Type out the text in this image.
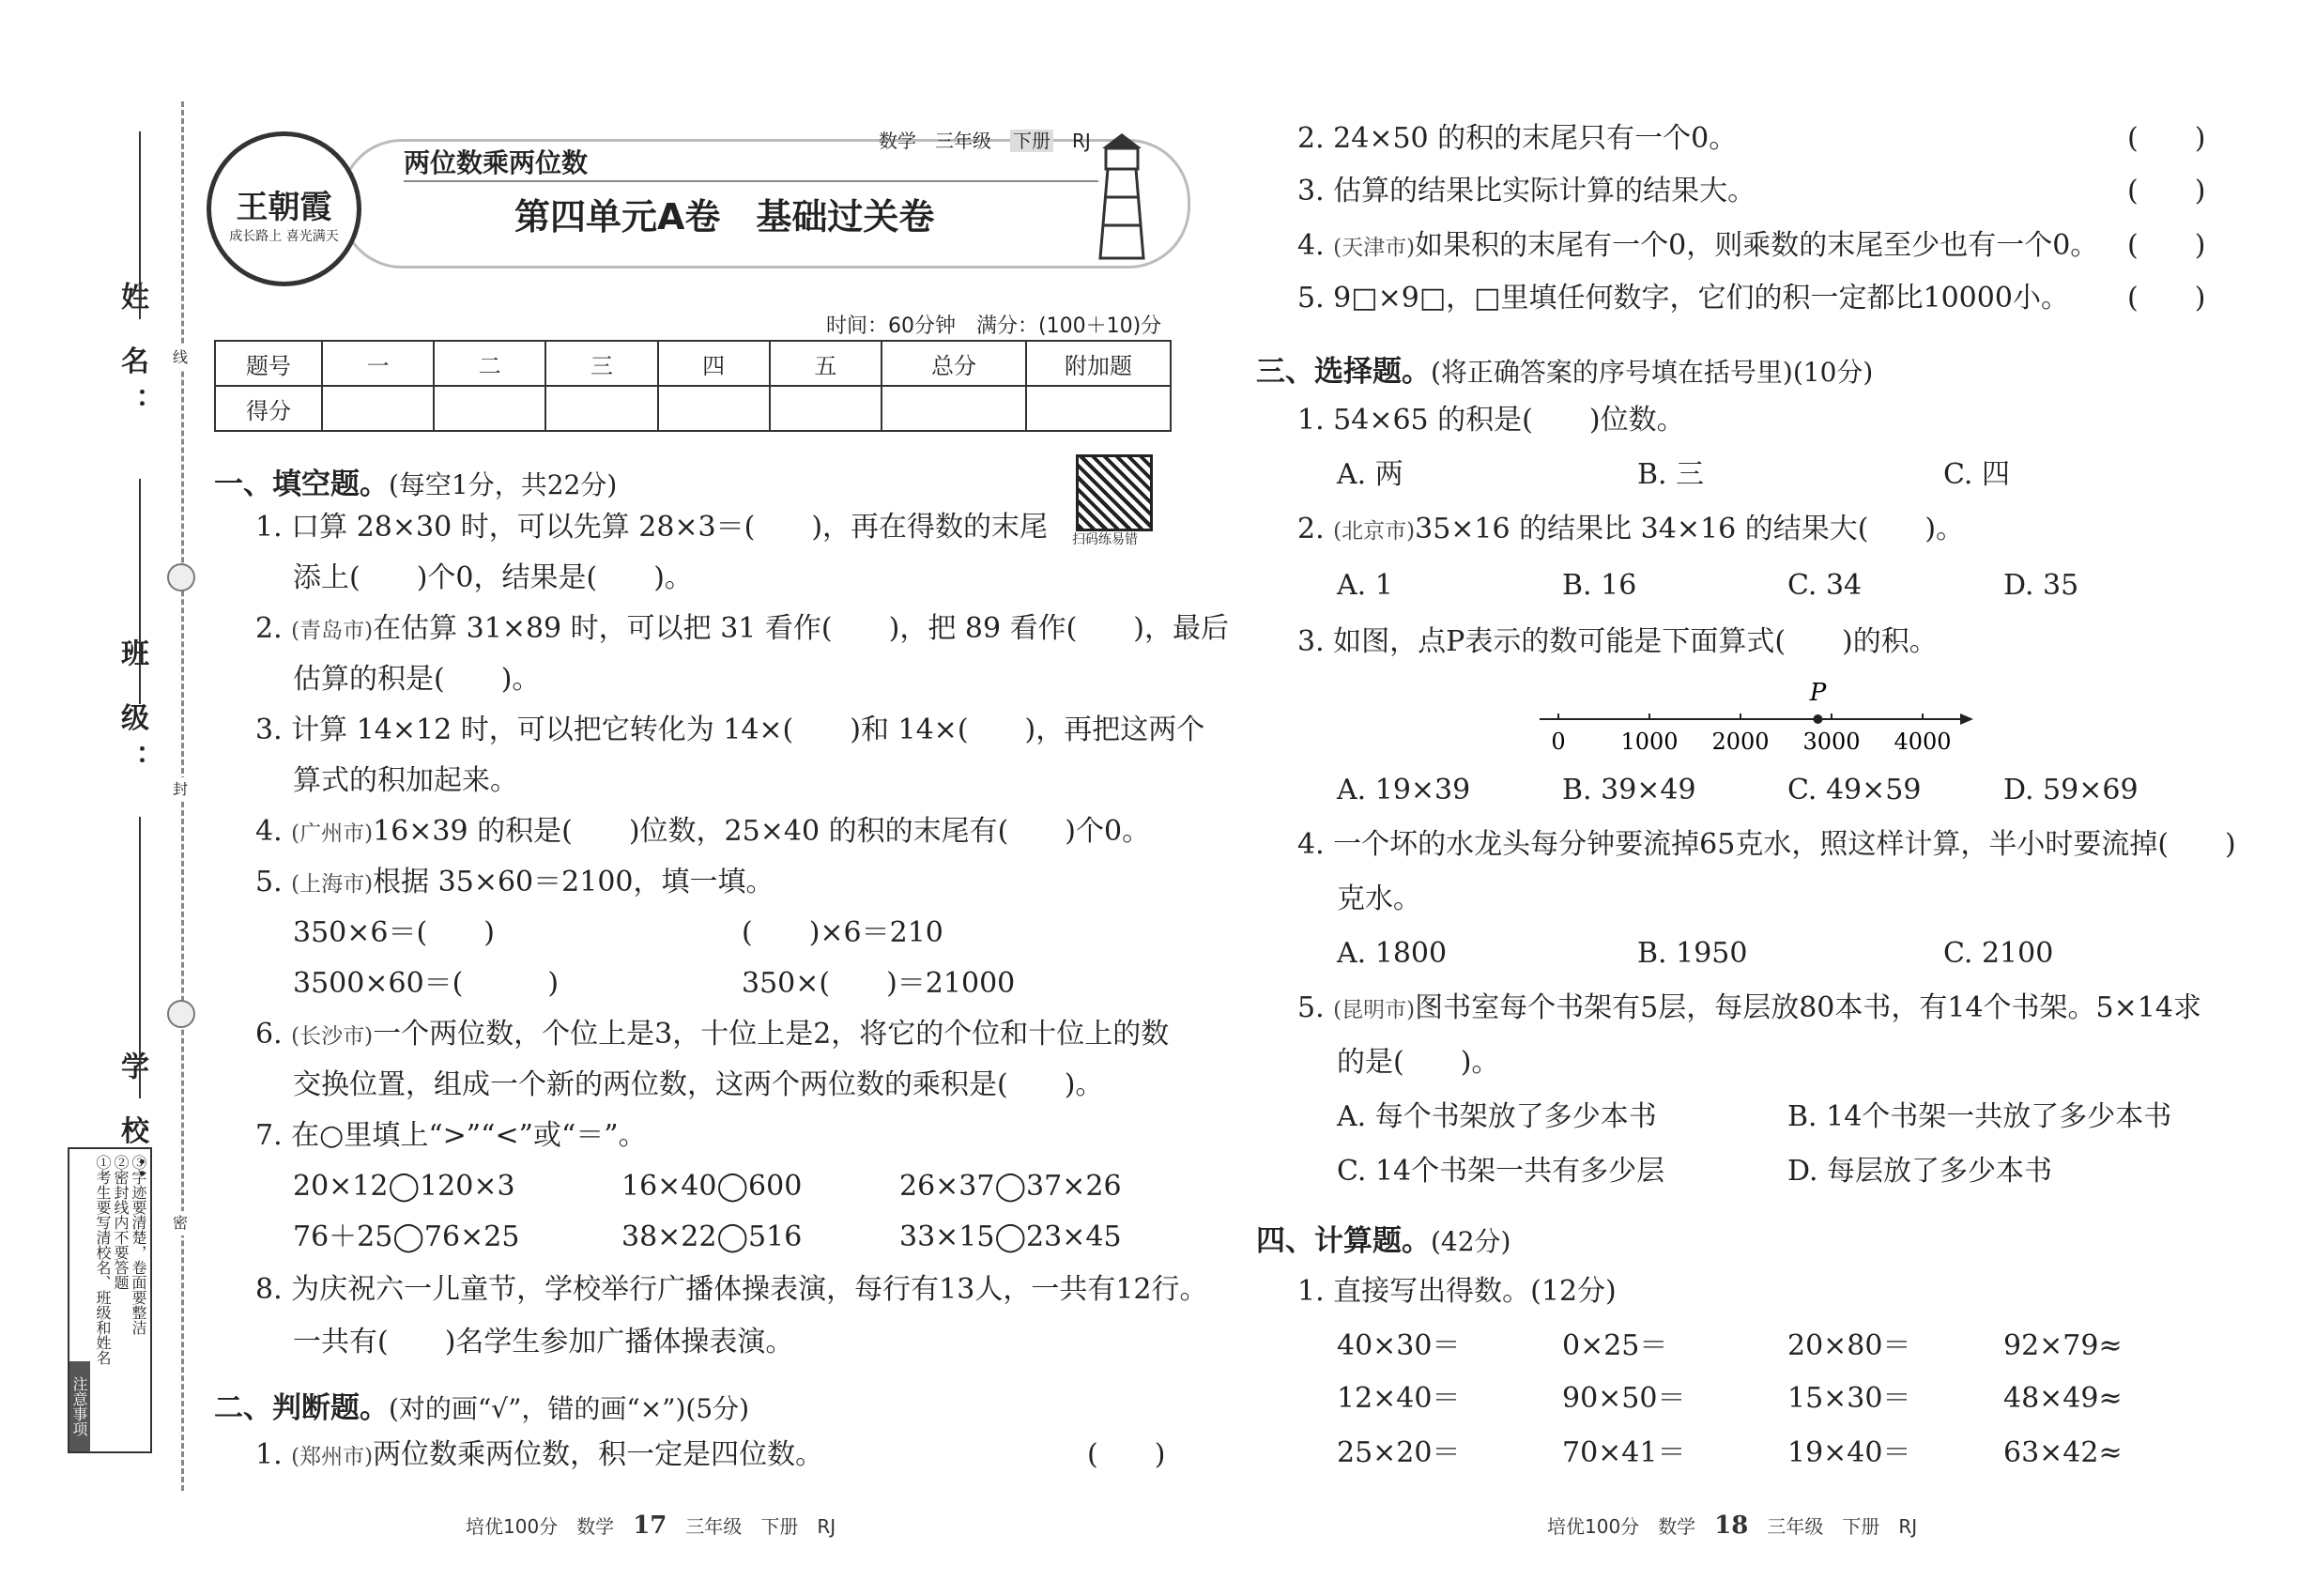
姓 名：
班 级：
学 校：
线
封
密
注意事项
①考生要写清校名、班级和姓名 ②密封线内不要答题 ③字迹要清楚，卷面要整洁
王朝霞
成长路上 喜光满天
两位数乘两位数
数学　 三年级　 下册　 RJ
第四单元A卷　基础过关卷
时间：60分钟　满分：(100＋10)分
题号	一	二	三	四	五	总分	附加题
得分							
一、填空题。(每空1分，共22分)
扫码练易错
1. 口算 28×30 时，可以先算 28×3＝(　　)，再在得数的末尾
添上(　　)个0，结果是(　　)。
2. (青岛市)在估算 31×89 时，可以把 31 看作(　　)，把 89 看作(　　)，最后
估算的积是(　　)。
3. 计算 14×12 时，可以把它转化为 14×(　　)和 14×(　　)，再把这两个
算式的积加起来。
4. (广州市)16×39 的积是(　　)位数，25×40 的积的末尾有(　　)个0。
5. (上海市)根据 35×60＝2100，填一填。
350×6＝(　　)	(　　)×6＝210
3500×60＝(　　　)	350×(　　)＝21000
6. (长沙市)一个两位数，个位上是3，十位上是2，将它的个位和十位上的数
交换位置，组成一个新的两位数，这两个两位数的乘积是(　　)。
7. 在○里填上“>”“<”或“＝”。
20×12◯120×3	16×40◯600	26×37◯37×26
76＋25◯76×25	38×22◯516	33×15◯23×45
8. 为庆祝六一儿童节，学校举行广播体操表演，每行有13人，一共有12行。
一共有(　　)名学生参加广播体操表演。
二、判断题。(对的画“√”，错的画“×”)(5分)
1. (郑州市)两位数乘两位数，积一定是四位数。	(　　)
2. 24×50 的积的末尾只有一个0。	(　　)
3. 估算的结果比实际计算的结果大。	(　　)
4. (天津市)如果积的末尾有一个0，则乘数的末尾至少也有一个0。 (　　)
5. 9□×9□，□里填任何数字，它们的积一定都比10000小。 (　　)
三、选择题。(将正确答案的序号填在括号里)(10分)
1. 54×65 的积是(　　)位数。
A. 两	B. 三	C. 四
2. (北京市)35×16 的结果比 34×16 的结果大(　　)。
A. 1	B. 16	C. 34	D. 35
3. 如图，点P表示的数可能是下面算式(　　)的积。
0 1000 2000 3000 4000
P
A. 19×39	B. 39×49	C. 49×59	D. 59×69
4. 一个坏的水龙头每分钟要流掉65克水，照这样计算，半小时要流掉(　　)
克水。
A. 1800	B. 1950	C. 2100
5. (昆明市)图书室每个书架有5层，每层放80本书，有14个书架。5×14求
的是(　　)。
A. 每个书架放了多少本书	B. 14个书架一共放了多少本书
C. 14个书架一共有多少层	D. 每层放了多少本书
四、计算题。(42分)
1. 直接写出得数。(12分)
40×30＝	0×25＝	20×80＝	92×79≈
12×40＝	90×50＝	15×30＝	48×49≈
25×20＝	70×41＝	19×40＝	63×42≈
培优100分　数学　 17　 三年级　下册　RJ	培优100分　数学　 18　 三年级　下册　RJ
